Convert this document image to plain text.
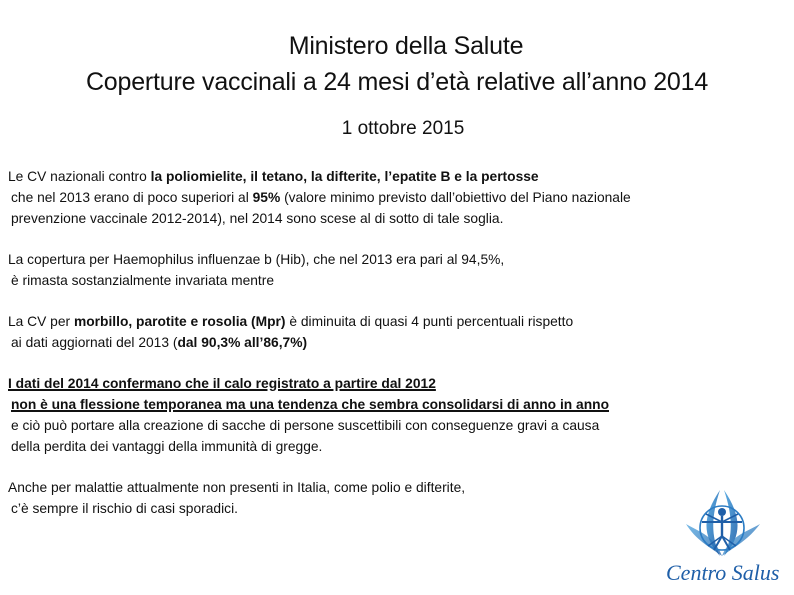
Ministero della Salute
Coperture vaccinali a 24 mesi d’età relative all’anno 2014
1 ottobre 2015
Le CV nazionali contro la poliomielite, il tetano, la difterite, l’epatite B e la pertosse
che nel 2013 erano di poco superiori al 95% (valore minimo previsto dall’obiettivo del Piano nazionale
prevenzione vaccinale 2012-2014), nel 2014 sono scese al di sotto di tale soglia.
La copertura per Haemophilus influenzae b (Hib), che nel 2013 era pari al 94,5%,
è rimasta sostanzialmente invariata mentre
La CV per morbillo, parotite e rosolia (Mpr) è diminuita di quasi 4 punti percentuali rispetto
ai dati aggiornati del 2013 (dal 90,3% all’86,7%)
I dati del 2014 confermano che il calo registrato a partire dal 2012
non è una flessione temporanea ma una tendenza che sembra consolidarsi di anno in anno
e ciò può portare alla creazione di sacche di persone suscettibili con conseguenze gravi a causa
della perdita dei vantaggi della immunità di gregge.
Anche per malattie attualmente non presenti in Italia, come polio e difterite,
c’è sempre il rischio di casi sporadici.
Centro Salus
